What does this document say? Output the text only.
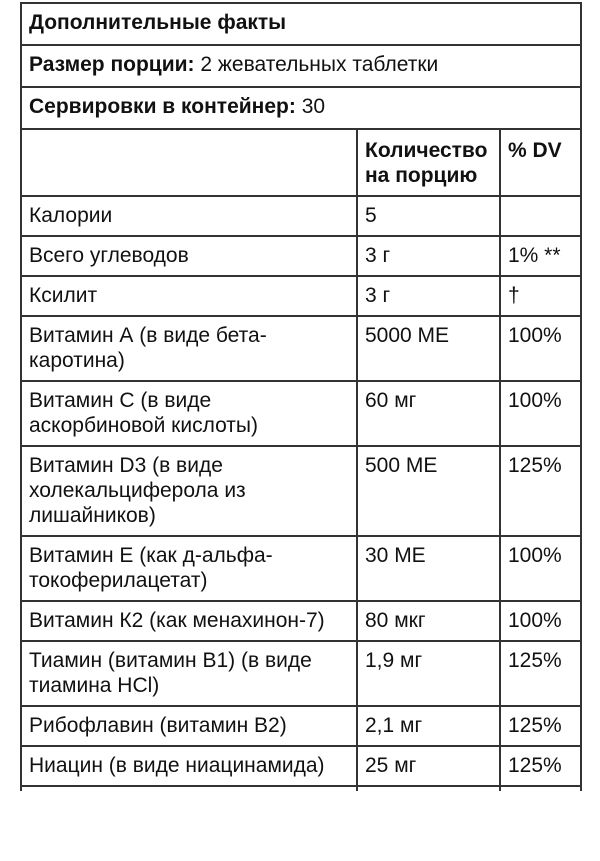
Дополнительные факты		
Размер порции: 2 жевательных таблетки		
Сервировки в контейнер: 30		
	Количество на порцию	% DV
Калории	5	
Всего углеводов	3 г	1% **
Ксилит	3 г	†
Витамин А (в виде бета-каротина)	5000 МЕ	100%
Витамин C (в виде аскорбиновой кислоты)	60 мг	100%
Витамин D3 (в виде холекальциферола из лишайников)	500 МЕ	125%
Витамин Е (как д-альфа-токоферилацетат)	30 МЕ	100%
Витамин К2 (как менахинон-7)	80 мкг	100%
Тиамин (витамин В1) (в виде тиамина HCl)	1,9 мг	125%
Рибофлавин (витамин В2)	2,1 мг	125%
Ниацин (в виде ниацинамида)	25 мг	125%
